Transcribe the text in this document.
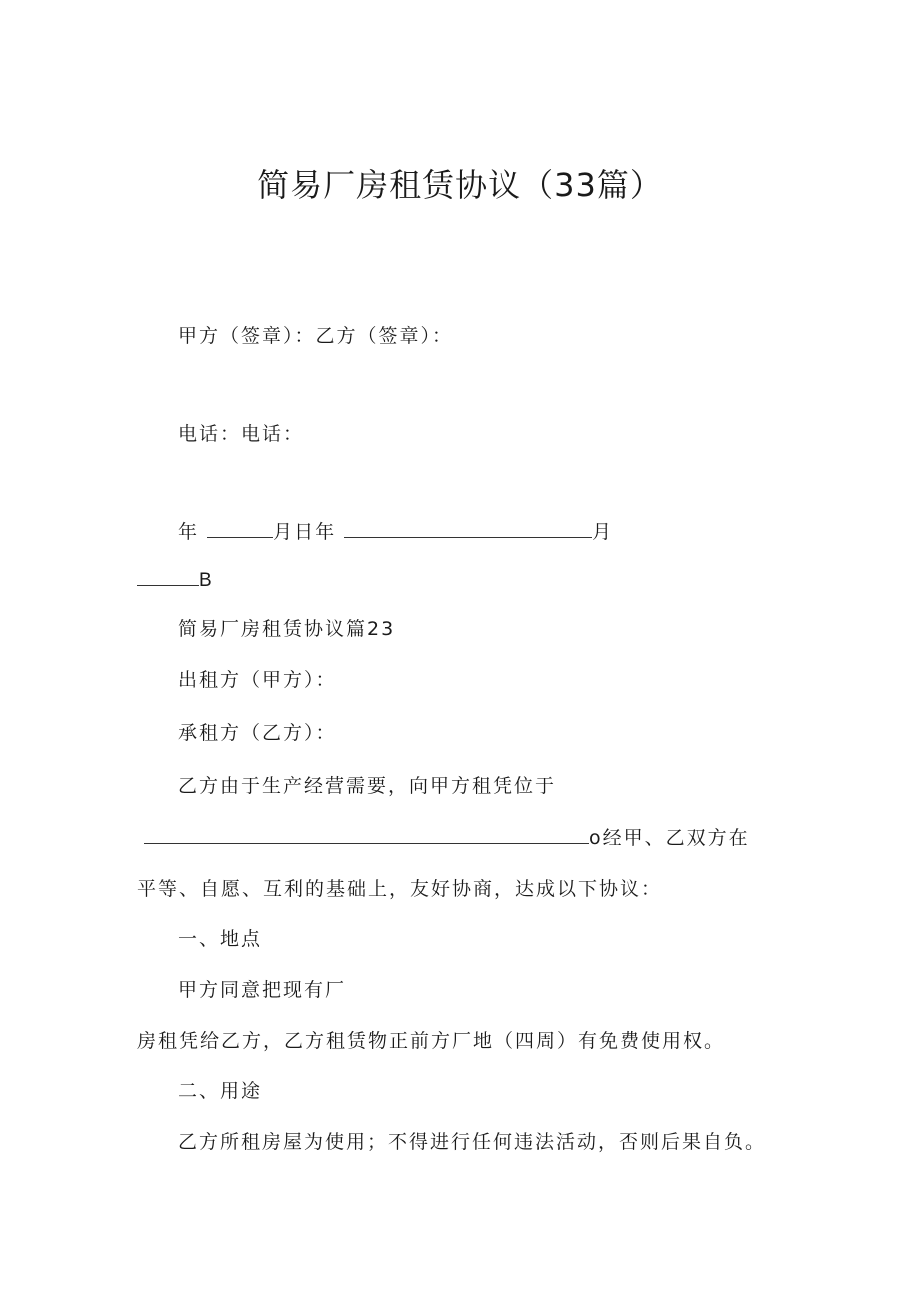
简易厂房租赁协议（33篇）
甲方（签章）：乙方（签章）：
电话：电话：
年	月日年	月
B
简易厂房租赁协议篇23
出租方（甲方）：
承租方（乙方）：
乙方由于生产经营需要，向甲方租凭位于
o经甲、乙双方在
平等、自愿、互利的基础上，友好协商，达成以下协议：
一、地点
甲方同意把现有厂
房租凭给乙方，乙方租赁物正前方厂地（四周）有免费使用权。
二、用途
乙方所租房屋为使用；不得进行任何违法活动，否则后果自负。
